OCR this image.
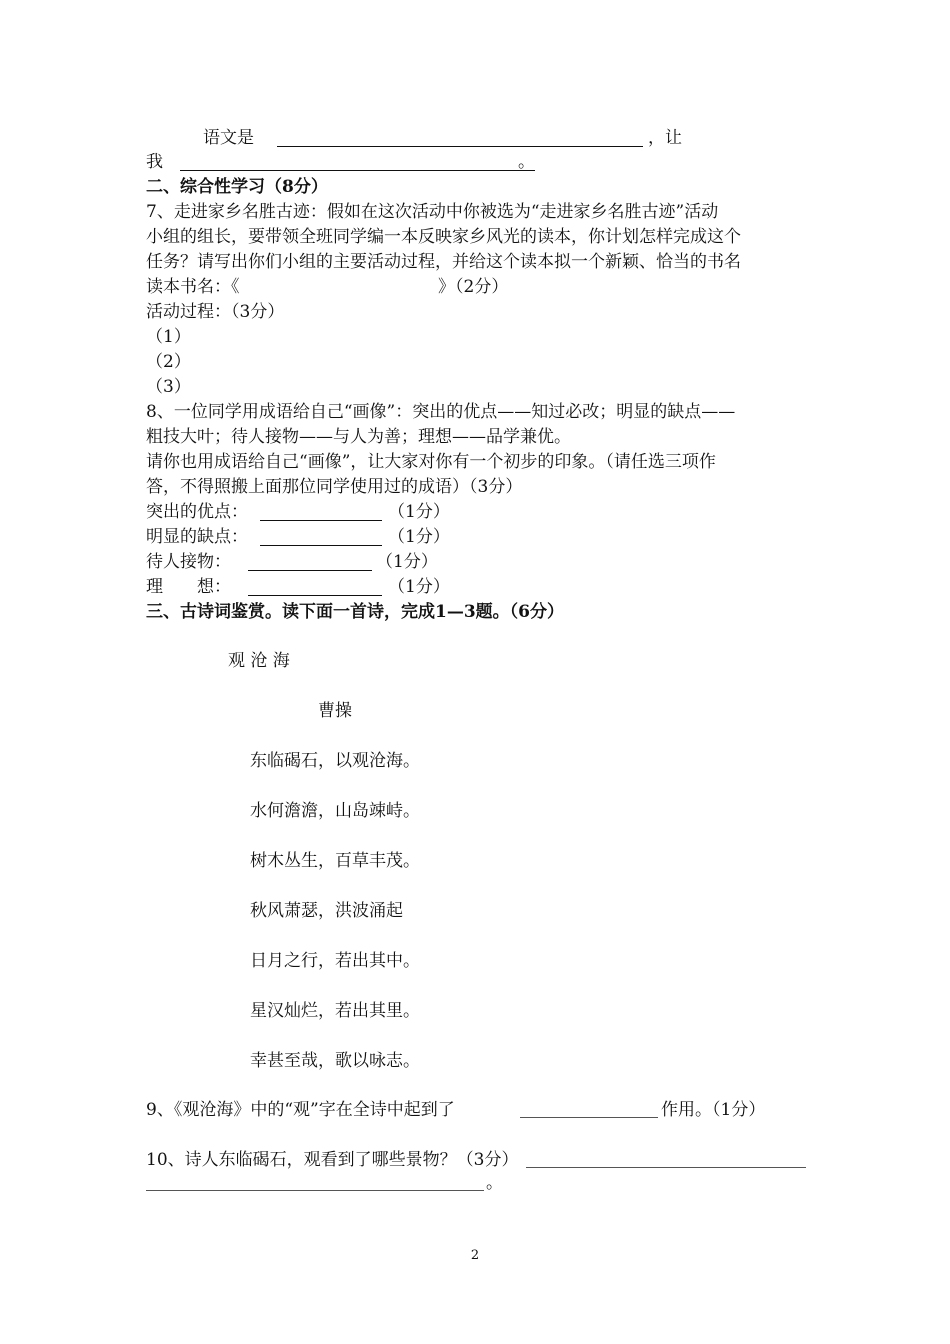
语文是	，让
我	。
二、综合性学习（8分）
7、走进家乡名胜古迹：假如在这次活动中你被选为“走进家乡名胜古迹”活动
小组的组长，要带领全班同学编一本反映家乡风光的读本，你计划怎样完成这个
任务？请写出你们小组的主要活动过程，并给这个读本拟一个新颖、恰当的书名
读本书名：《	》（2分）
活动过程：（3分）
（1）
（2）
（3）
8、一位同学用成语给自己“画像”：突出的优点——知过必改；明显的缺点——
粗技大叶；待人接物——与人为善；理想——品学兼优。
请你也用成语给自己“画像”，让大家对你有一个初步的印象。（请任选三项作
答，不得照搬上面那位同学使用过的成语）（3分）
突出的优点：	（1分）
明显的缺点：	（1分）
待人接物：	（1分）
理　　想：	（1分）
三、古诗词鉴赏。读下面一首诗，完成1—3题。（6分）
观 沧 海
曹操
东临碣石，以观沧海。
水何澹澹，山岛竦峙。
树木丛生，百草丰茂。
秋风萧瑟，洪波涌起
日月之行，若出其中。
星汉灿烂，若出其里。
幸甚至哉，歌以咏志。
9、《观沧海》中的“观”字在全诗中起到了	作用。（1分）
10、诗人东临碣石，观看到了哪些景物？（3分）
。
2
